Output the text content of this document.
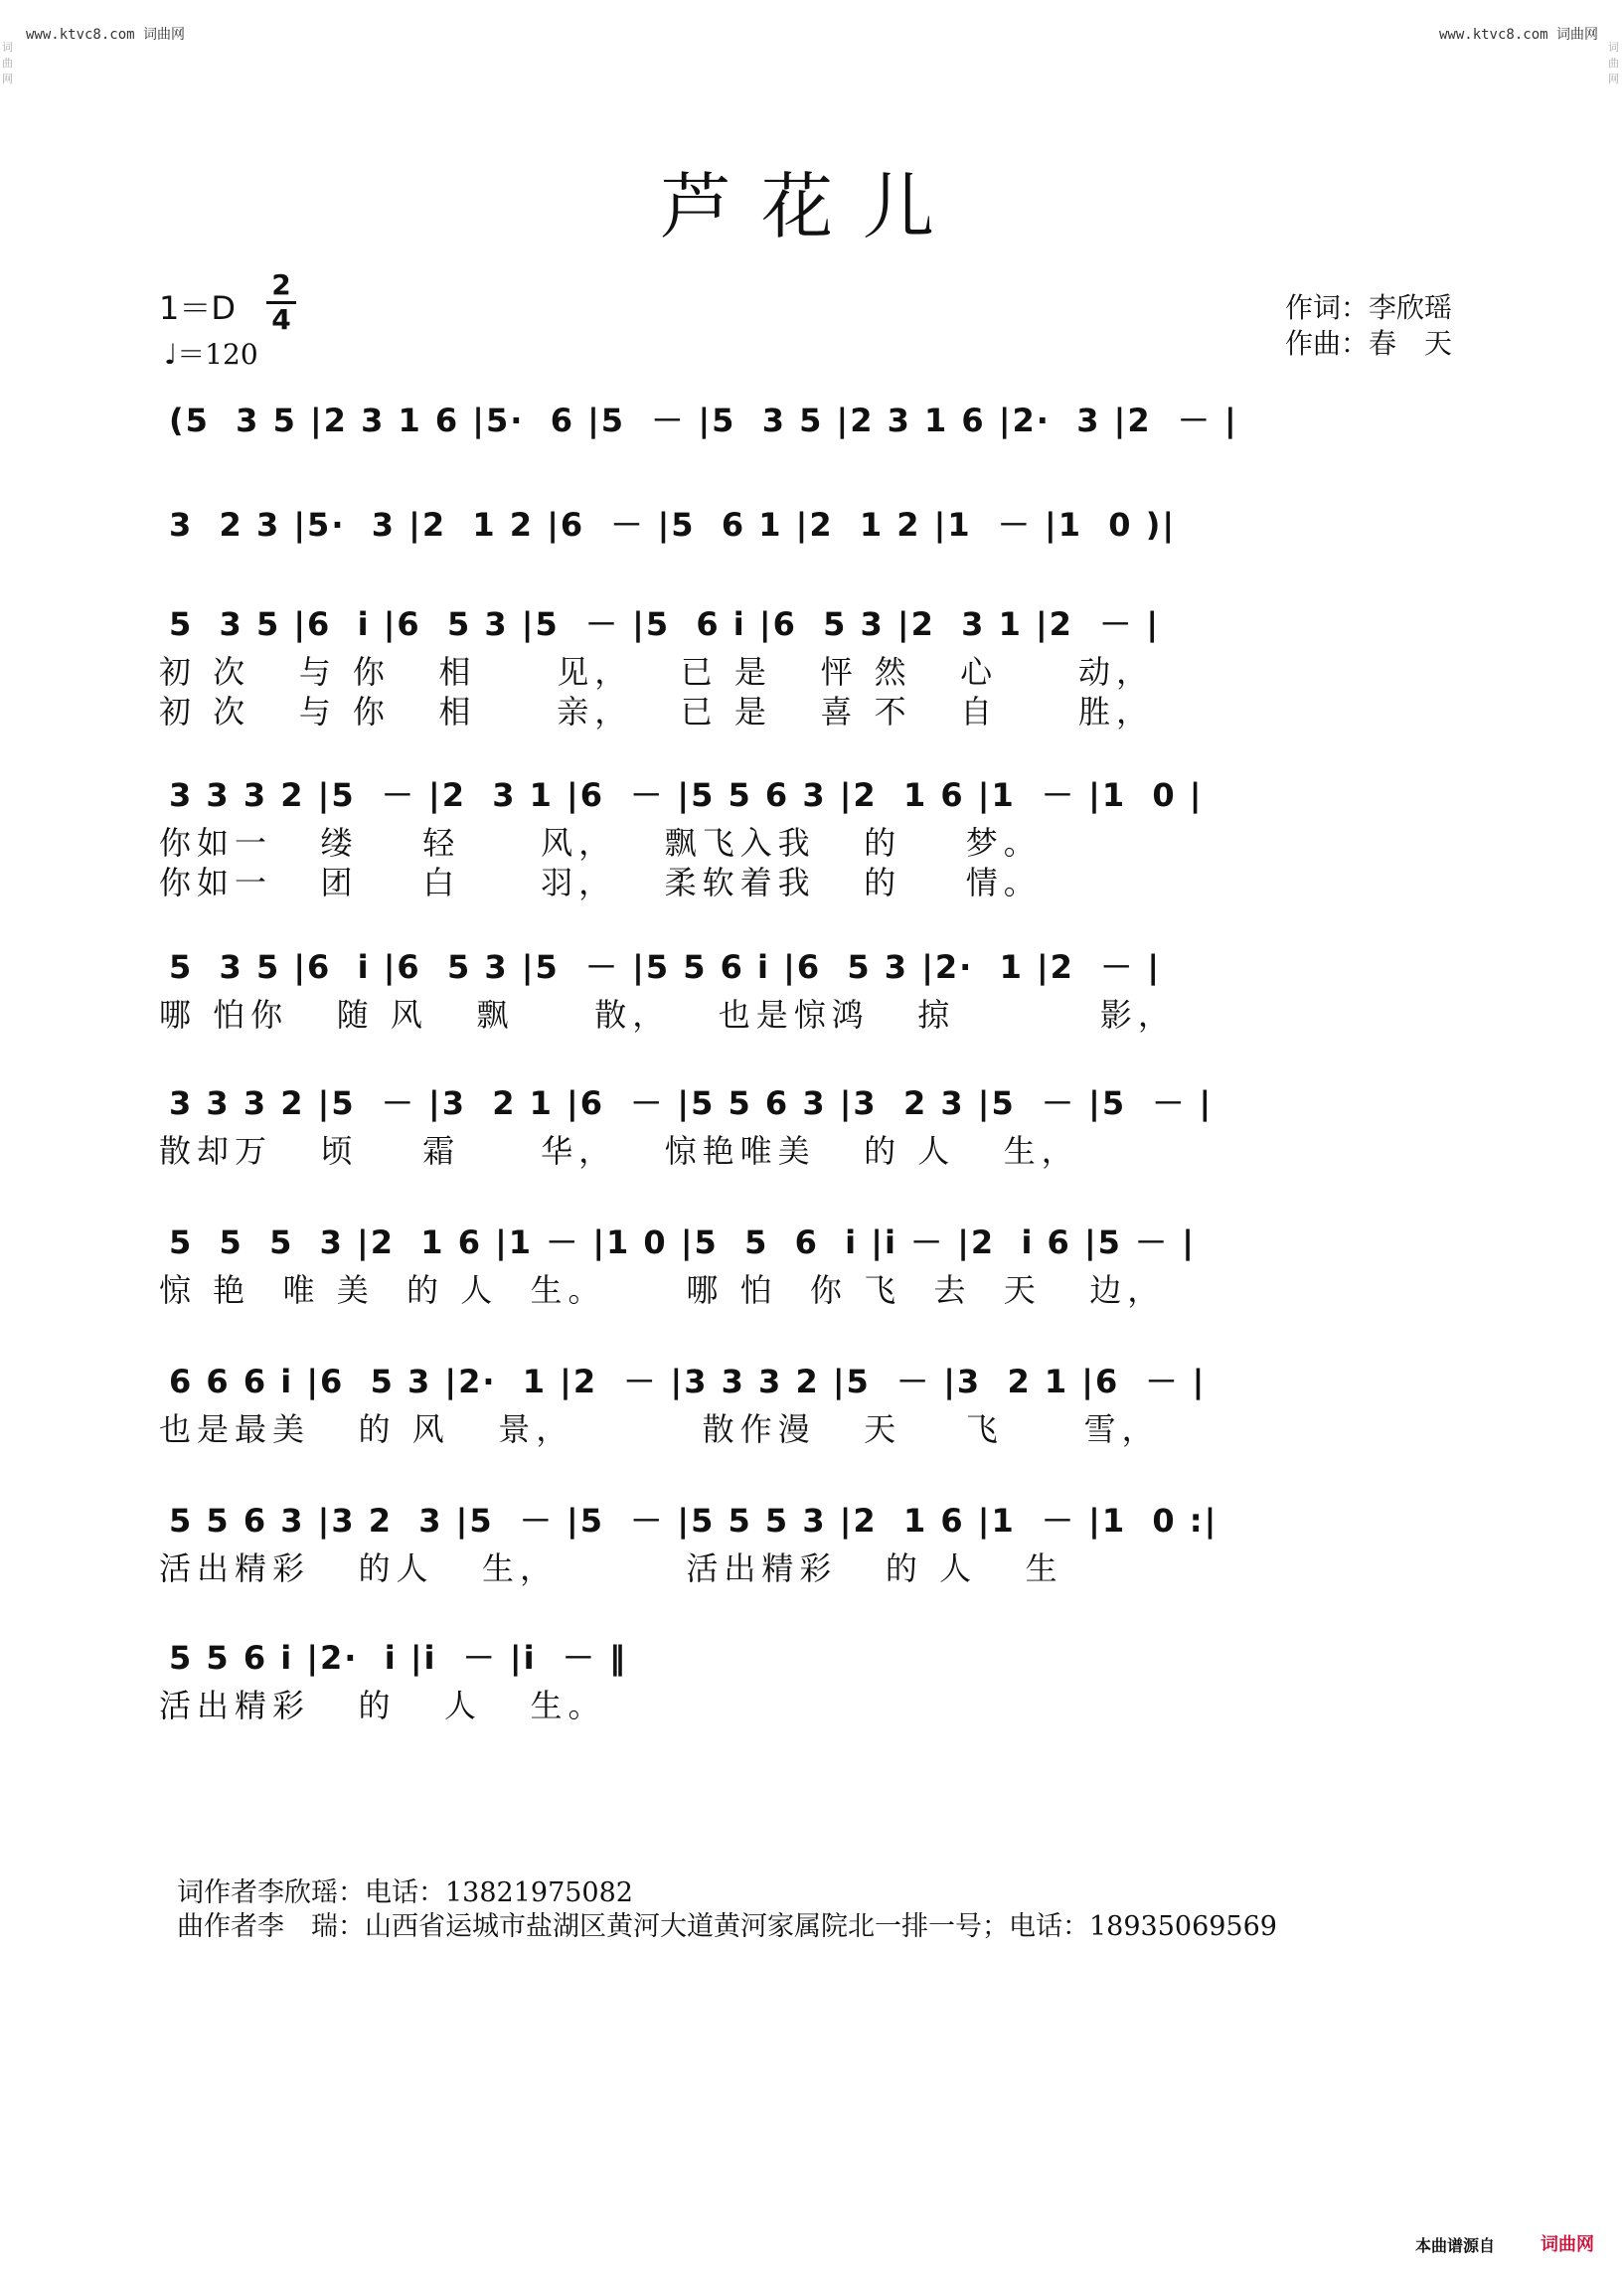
www.ktvc8.com 词曲网	www.ktvc8.com 词曲网
词曲网
词曲网
芦花儿
1＝D
2
4
♩＝120
作词：李欣瑶
作曲：春　天
(5  3 5 |2 3 1 6 |5·  6 |5  － |5  3 5 |2 3 1 6 |2·  3 |2  － |
3  2 3 |5·  3 |2  1 2 |6  － |5  6 1 |2  1 2 |1  － |1  0 )|
5  3 5 |6  i |6  5 3 |5  － |5  6 i |6  5 3 |2  3 1 |2  － |
初 次   与 你   相     见，   已 是   怦 然   心     动，
初 次   与 你   相     亲，   已 是   喜 不   自     胜，
3 3 3 2 |5  － |2  3 1 |6  － |5 5 6 3 |2  1 6 |1  － |1  0 |
你如一   缕    轻     风，   飘飞入我   的    梦。
你如一   团    白     羽，   柔软着我   的    情。
5  3 5 |6  i |6  5 3 |5  － |5 5 6 i |6  5 3 |2·  1 |2  － |
哪 怕你   随 风   飘     散，   也是惊鸿   掠         影，
3 3 3 2 |5  － |3  2 1 |6  － |5 5 6 3 |3  2 3 |5  － |5  － |
散却万   顷    霜     华，   惊艳唯美   的 人   生，
5  5  5  3 |2  1 6 |1 － |1 0 |5  5  6  i |i － |2  i 6 |5 － |
惊 艳  唯 美  的 人  生。     哪 怕  你 飞  去  天   边，
6 6 6 i |6  5 3 |2·  1 |2  － |3 3 3 2 |5  － |3  2 1 |6  － |
也是最美   的 风   景，        散作漫   天    飞     雪，
5 5 6 3 |3 2  3 |5  － |5  － |5 5 5 3 |2  1 6 |1  － |1  0 :|
活出精彩   的人   生，        活出精彩   的 人   生
5 5 6 i |2·  i |i  － |i  － ‖
活出精彩   的   人   生。
词作者李欣瑶：电话：13821975082
曲作者李　瑞：山西省运城市盐湖区黄河大道黄河家属院北一排一号；电话：18935069569
本曲谱源自	词曲网
